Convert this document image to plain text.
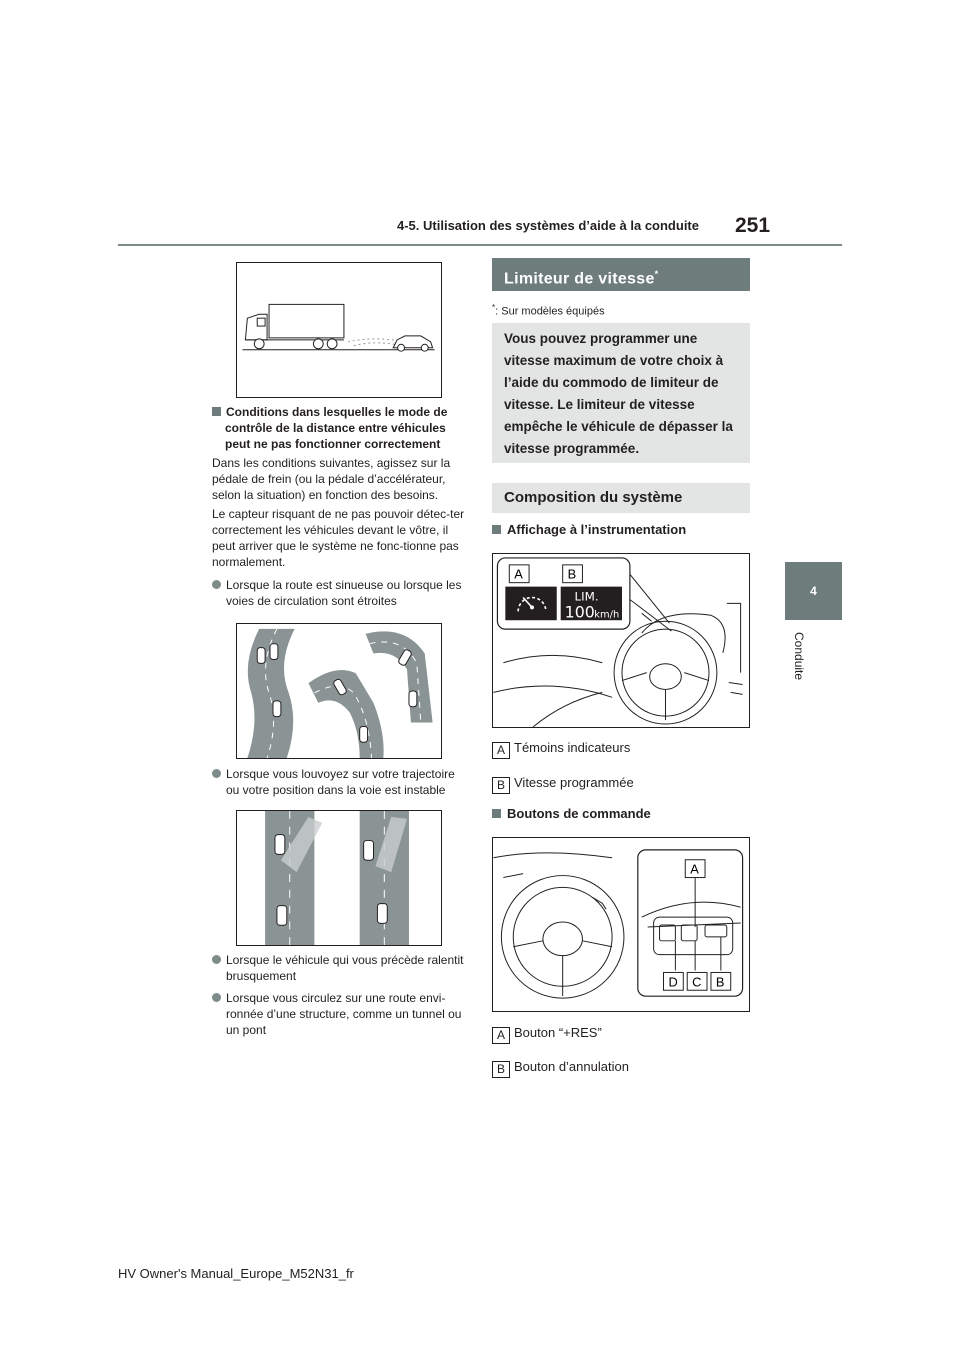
4-5. Utilisation des systèmes d’aide à la conduite 251
4
Conduite
Conditions dans lesquelles le mode de contrôle de la distance entre véhicules peut ne pas fonctionner correctement
Dans les conditions suivantes, agissez sur la pédale de frein (ou la pédale d’accélérateur, selon la situation) en fonction des besoins.
Le capteur risquant de ne pas pouvoir détec-ter correctement les véhicules devant le vôtre, il peut arriver que le système ne fonc-tionne pas normalement.
Lorsque la route est sinueuse ou lorsque les voies de circulation sont étroites
Lorsque vous louvoyez sur votre trajectoire ou votre position dans la voie est instable
Lorsque le véhicule qui vous précède ralentit brusquement
Lorsque vous circulez sur une route envi-ronnée d’une structure, comme un tunnel ou un pont
Limiteur de vitesse*
*: Sur modèles équipés
Vous pouvez programmer une vitesse maximum de votre choix à l’aide du commodo de limiteur de vitesse. Le limiteur de vitesse empêche le véhicule de dépasser la vitesse programmée.
Composition du système
Affichage à l’instrumentation
LIM.
100 km/h
A	B
A Témoins indicateurs
B Vitesse programmée
Boutons de commande
A
D C B
A Bouton “+RES”
B Bouton d’annulation
HV Owner's Manual_Europe_M52N31_fr
